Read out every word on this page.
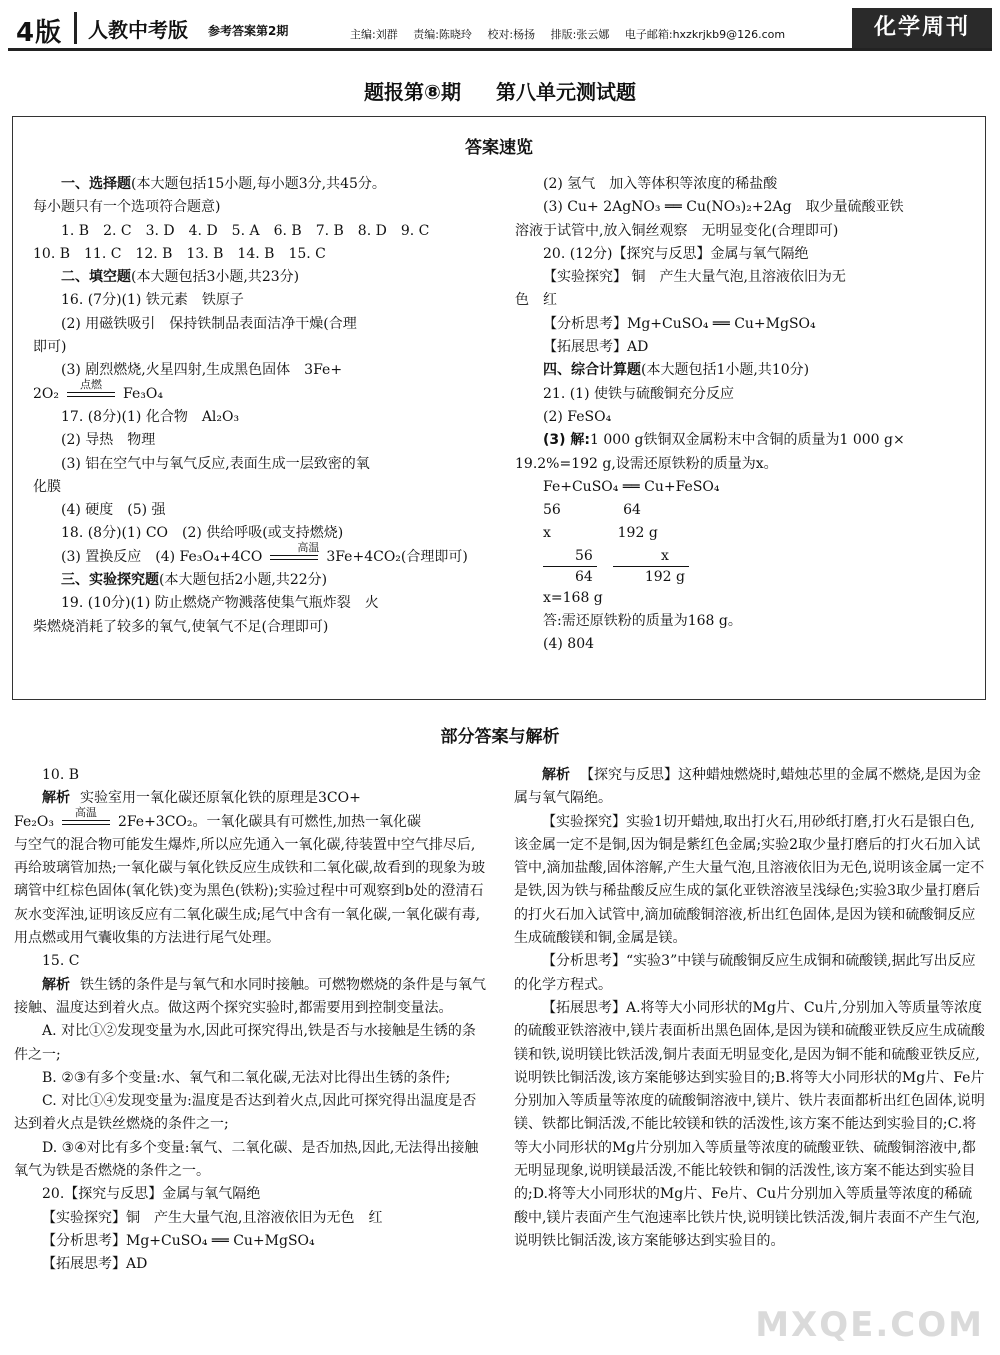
4版 人教中考版 参考答案第2期	主编:刘群 责编:陈晓玲 校对:杨扬 排版:张云娜 电子邮箱:hxzkrjkb9@126.com	化学周刊
题报第⑧期 第八单元测试题
答案速览

一、选择题(本大题包括15小题,每小题3分,共45分。

每小题只有一个选项符合题意)

1. B　2. C　3. D　4. D　5. A　6. B　7. B　8. D　9. C

10. B　11. C　12. B　13. B　14. B　15. C

二、填空题(本大题包括3小题,共23分)

16. (7分)(1) 铁元素　铁原子

(2) 用磁铁吸引　保持铁制品表面洁净干燥(合理

即可)

(3) 剧烈燃烧,火星四射,生成黑色固体　3Fe+

2O₂
点燃
Fe₃O₄

17. (8分)(1) 化合物　Al₂O₃

(2) 导热　物理

(3) 铝在空气中与氧气反应,表面生成一层致密的氧

化膜

(4) 硬度　(5) 强

18. (8分)(1) CO　(2) 供给呼吸(或支持燃烧)

(3) 置换反应　(4) Fe₃O₄+4CO
高温
3Fe+4CO₂(合理即可)

三、实验探究题(本大题包括2小题,共22分)

19. (10分)(1) 防止燃烧产物溅落使集气瓶炸裂　火

柴燃烧消耗了较多的氧气,使氧气不足(合理即可)

(2) 氢气　加入等体积等浓度的稀盐酸

(3) Cu+ 2AgNO₃ ══ Cu(NO₃)₂+2Ag　取少量硫酸亚铁

溶液于试管中,放入铜丝观察　无明显变化(合理即可)

20. (12分)【探究与反思】金属与氧气隔绝

【实验探究】 铜　产生大量气泡,且溶液依旧为无

色　红

【分析思考】Mg+CuSO₄ ══ Cu+MgSO₄

【拓展思考】AD

四、综合计算题(本大题包括1小题,共10分)

21. (1) 使铁与硫酸铜充分反应

(2) FeSO₄

(3) 解:1 000 g铁铜双金属粉末中含铜的质量为1 000 g×

19.2%=192 g,设需还原铁粉的质量为x。

Fe+CuSO₄ ══ Cu+FeSO₄

56              64

x               192 g

$\frac{56}{64} \frac{x}{192 g}$

x=168 g

答:需还原铁粉的质量为168 g。

(4) 804

部分答案与解析

10. B

解析 实验室用一氧化碳还原氧化铁的原理是3CO+

Fe₂O₃
高温
2Fe+3CO₂。一氧化碳具有可燃性,加热一氧化碳

与空气的混合物可能发生爆炸,所以应先通入一氧化碳,待装置中空气排尽后,再给玻璃管加热;一氧化碳与氧化铁反应生成铁和二氧化碳,故看到的现象为玻璃管中红棕色固体(氧化铁)变为黑色(铁粉);实验过程中可观察到b处的澄清石灰水变浑浊,证明该反应有二氧化碳生成;尾气中含有一氧化碳,一氧化碳有毒,用点燃或用气囊收集的方法进行尾气处理。

15. C

解析 铁生锈的条件是与氧气和水同时接触。可燃物燃烧的条件是与氧气接触、温度达到着火点。做这两个探究实验时,都需要用到控制变量法。

A. 对比①②发现变量为水,因此可探究得出,铁是否与水接触是生锈的条件之一;

B. ②③有多个变量:水、氧气和二氧化碳,无法对比得出生锈的条件;

C. 对比①④发现变量为:温度是否达到着火点,因此可探究得出温度是否达到着火点是铁丝燃烧的条件之一;

D. ③④对比有多个变量:氧气、二氧化碳、是否加热,因此,无法得出接触氧气为铁是否燃烧的条件之一。

20.【探究与反思】金属与氧气隔绝

【实验探究】铜　产生大量气泡,且溶液依旧为无色　红

【分析思考】Mg+CuSO₄ ══ Cu+MgSO₄

【拓展思考】AD

解析 【探究与反思】这种蜡烛燃烧时,蜡烛芯里的金属不燃烧,是因为金属与氧气隔绝。

【实验探究】实验1切开蜡烛,取出打火石,用砂纸打磨,打火石是银白色,该金属一定不是铜,因为铜是紫红色金属;实验2取少量打磨后的打火石加入试管中,滴加盐酸,固体溶解,产生大量气泡,且溶液依旧为无色,说明该金属一定不是铁,因为铁与稀盐酸反应生成的氯化亚铁溶液呈浅绿色;实验3取少量打磨后的打火石加入试管中,滴加硫酸铜溶液,析出红色固体,是因为镁和硫酸铜反应生成硫酸镁和铜,金属是镁。

【分析思考】“实验3”中镁与硫酸铜反应生成铜和硫酸镁,据此写出反应的化学方程式。

【拓展思考】A.将等大小同形状的Mg片、Cu片,分别加入等质量等浓度的硫酸亚铁溶液中,镁片表面析出黑色固体,是因为镁和硫酸亚铁反应生成硫酸镁和铁,说明镁比铁活泼,铜片表面无明显变化,是因为铜不能和硫酸亚铁反应,说明铁比铜活泼,该方案能够达到实验目的;B.将等大小同形状的Mg片、Fe片分别加入等质量等浓度的硫酸铜溶液中,镁片、铁片表面都析出红色固体,说明镁、铁都比铜活泼,不能比较镁和铁的活泼性,该方案不能达到实验目的;C.将等大小同形状的Mg片分别加入等质量等浓度的硫酸亚铁、硫酸铜溶液中,都无明显现象,说明镁最活泼,不能比较铁和铜的活泼性,该方案不能达到实验目的;D.将等大小同形状的Mg片、Fe片、Cu片分别加入等质量等浓度的稀硫酸中,镁片表面产生气泡速率比铁片快,说明镁比铁活泼,铜片表面不产生气泡,说明铁比铜活泼,该方案能够达到实验目的。

MXQE.COM
